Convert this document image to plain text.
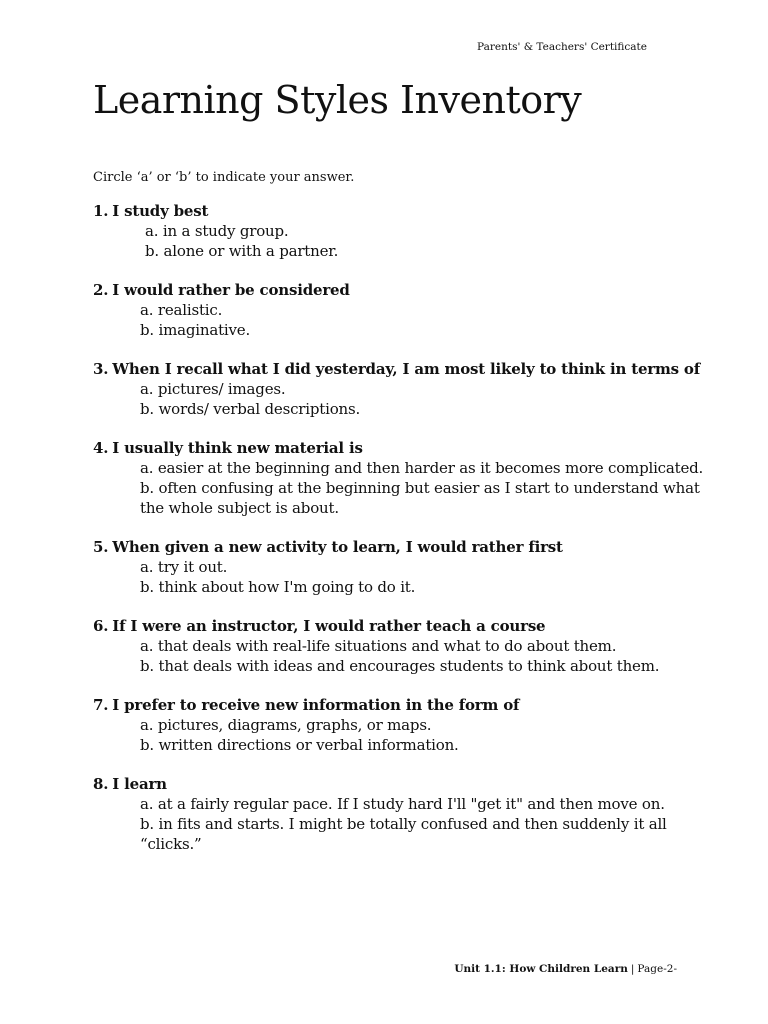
Parents' & Teachers' Certificate
Learning Styles Inventory
Circle ‘a’ or ‘b’ to indicate your answer.
1. I study best
a. in a study group.
b. alone or with a partner.
2. I would rather be considered
a. realistic.
b. imaginative.
3. When I recall what I did yesterday, I am most likely to think in terms of
a. pictures/ images.
b. words/ verbal descriptions.
4. I usually think new material is
a. easier at the beginning and then harder as it becomes more complicated.
b. often confusing at the beginning but easier as I start to understand what the whole subject is about.
5. When given a new activity to learn, I would rather first
a. try it out.
b. think about how I'm going to do it.
6. If I were an instructor, I would rather teach a course
a. that deals with real-life situations and what to do about them.
b. that deals with ideas and encourages students to think about them.
7. I prefer to receive new information in the form of
a. pictures, diagrams, graphs, or maps.
b. written directions or verbal information.
8. I learn
a. at a fairly regular pace. If I study hard I'll "get it" and then move on.
b. in fits and starts. I might be totally confused and then suddenly it all “clicks.”
Unit 1.1: How Children Learn | Page-2-
